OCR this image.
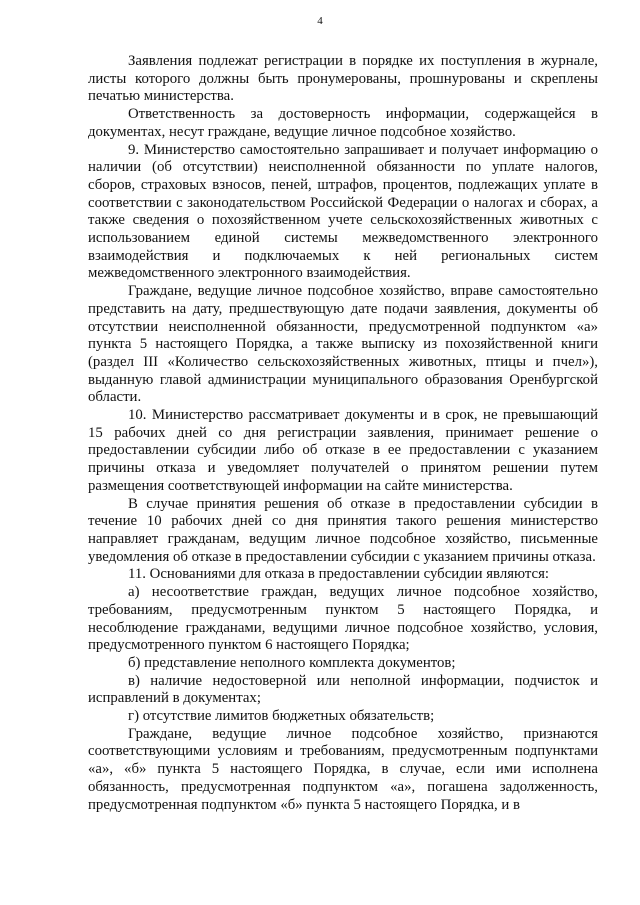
4

Заявления подлежат регистрации в порядке их поступления в журнале, листы которого должны быть пронумерованы, прошнурованы и скреплены печатью министерства.

Ответственность за достоверность информации, содержащейся в документах, несут граждане, ведущие личное подсобное хозяйство.

9. Министерство самостоятельно запрашивает и получает информацию о наличии (об отсутствии) неисполненной обязанности по уплате налогов, сборов, страховых взносов, пеней, штрафов, процентов, подлежащих уплате в соответствии с законодательством Российской Федерации о налогах и сборах, а также сведения о похозяйственном учете сельскохозяйственных животных с использованием единой системы межведомственного электронного взаимодействия и подключаемых к ней региональных систем межведомственного электронного взаимодействия.

Граждане, ведущие личное подсобное хозяйство, вправе самостоятельно представить на дату, предшествующую дате подачи заявления, документы об отсутствии неисполненной обязанности, предусмотренной подпунктом «а» пункта 5 настоящего Порядка, а также выписку из похозяйственной книги (раздел III «Количество сельскохозяйственных животных, птицы и пчел»), выданную главой администрации муниципального образования Оренбургской области.

10. Министерство рассматривает документы и в срок, не превышающий 15 рабочих дней со дня регистрации заявления, принимает решение о предоставлении субсидии либо об отказе в ее предоставлении с указанием причины отказа и уведомляет получателей о принятом решении путем размещения соответствующей информации на сайте министерства.

В случае принятия решения об отказе в предоставлении субсидии в течение 10 рабочих дней со дня принятия такого решения министерство направляет гражданам, ведущим личное подсобное хозяйство, письменные уведомления об отказе в предоставлении субсидии с указанием причины отказа.

11. Основаниями для отказа в предоставлении субсидии являются:

а) несоответствие граждан, ведущих личное подсобное хозяйство, требованиям, предусмотренным пунктом 5 настоящего Порядка, и несоблюдение гражданами, ведущими личное подсобное хозяйство, условия, предусмотренного пунктом 6 настоящего Порядка;

б) представление неполного комплекта документов;

в) наличие недостоверной или неполной информации, подчисток и исправлений в документах;

г) отсутствие лимитов бюджетных обязательств;

Граждане, ведущие личное подсобное хозяйство, признаются соответствующими условиям и требованиям, предусмотренным подпунктами «а», «б» пункта 5 настоящего Порядка, в случае, если ими исполнена обязанность, предусмотренная подпунктом «а», погашена задолженность, предусмотренная подпунктом «б» пункта 5 настоящего Порядка, и в
